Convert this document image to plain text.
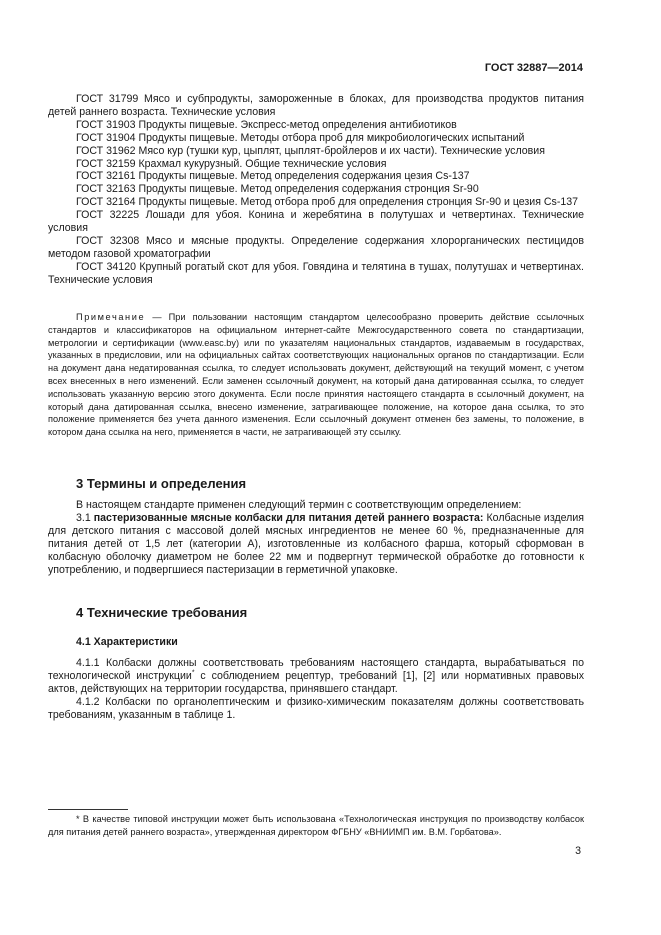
ГОСТ 32887—2014

ГОСТ 31799 Мясо и субпродукты, замороженные в блоках, для производства продуктов питания детей раннего возраста. Технические условия

ГОСТ 31903 Продукты пищевые. Экспресс-метод определения антибиотиков

ГОСТ 31904 Продукты пищевые. Методы отбора проб для микробиологических испытаний

ГОСТ 31962 Мясо кур (тушки кур, цыплят, цыплят-бройлеров и их части). Технические условия

ГОСТ 32159 Крахмал кукурузный. Общие технические условия

ГОСТ 32161 Продукты пищевые. Метод определения содержания цезия Cs-137

ГОСТ 32163 Продукты пищевые. Метод определения содержания стронция Sr-90

ГОСТ 32164 Продукты пищевые. Метод отбора проб для определения стронция Sr-90 и цезия Cs-137

ГОСТ 32225 Лошади для убоя. Конина и жеребятина в полутушах и четвертинах. Технические условия

ГОСТ 32308 Мясо и мясные продукты. Определение содержания хлорорганических пестицидов методом газовой хроматографии

ГОСТ 34120 Крупный рогатый скот для убоя. Говядина и телятина в тушах, полутушах и четвертинах. Технические условия

Примечание — При пользовании настоящим стандартом целесообразно проверить действие ссылочных стандартов и классификаторов на официальном интернет-сайте Межгосударственного совета по стандартизации, метрологии и сертификации (www.easc.by) или по указателям национальных стандартов, издаваемым в государствах, указанных в предисловии, или на официальных сайтах соответствующих национальных органов по стандартизации. Если на документ дана недатированная ссылка, то следует использовать документ, действующий на текущий момент, с учетом всех внесенных в него изменений. Если заменен ссылочный документ, на который дана датированная ссылка, то следует использовать указанную версию этого документа. Если после принятия настоящего стандарта в ссылочный документ, на который дана датированная ссылка, внесено изменение, затрагивающее положение, на которое дана ссылка, то это положение применяется без учета данного изменения. Если ссылочный документ отменен без замены, то положение, в котором дана ссылка на него, применяется в части, не затрагивающей эту ссылку.

3 Термины и определения

В настоящем стандарте применен следующий термин с соответствующим определением:

3.1 пастеризованные мясные колбаски для питания детей раннего возраста: Колбасные изделия для детского питания с массовой долей мясных ингредиентов не менее 60 %, предназначенные для питания детей от 1,5 лет (категории А), изготовленные из колбасного фарша, который сформован в колбасную оболочку диаметром не более 22 мм и подвергнут термической обработке до готовности к употреблению, и подвергшиеся пастеризации в герметичной упаковке.

4 Технические требования
4.1 Характеристики

4.1.1 Колбаски должны соответствовать требованиям настоящего стандарта, вырабатываться по технологической инструкции* с соблюдением рецептур, требований [1], [2] или нормативных правовых актов, действующих на территории государства, принявшего стандарт.

4.1.2 Колбаски по органолептическим и физико-химическим показателям должны соответствовать требованиям, указанным в таблице 1.

* В качестве типовой инструкции может быть использована «Технологическая инструкция по производству колбасок для питания детей раннего возраста», утвержденная директором ФГБНУ «ВНИИМП им. В.М. Горбатова».

3
